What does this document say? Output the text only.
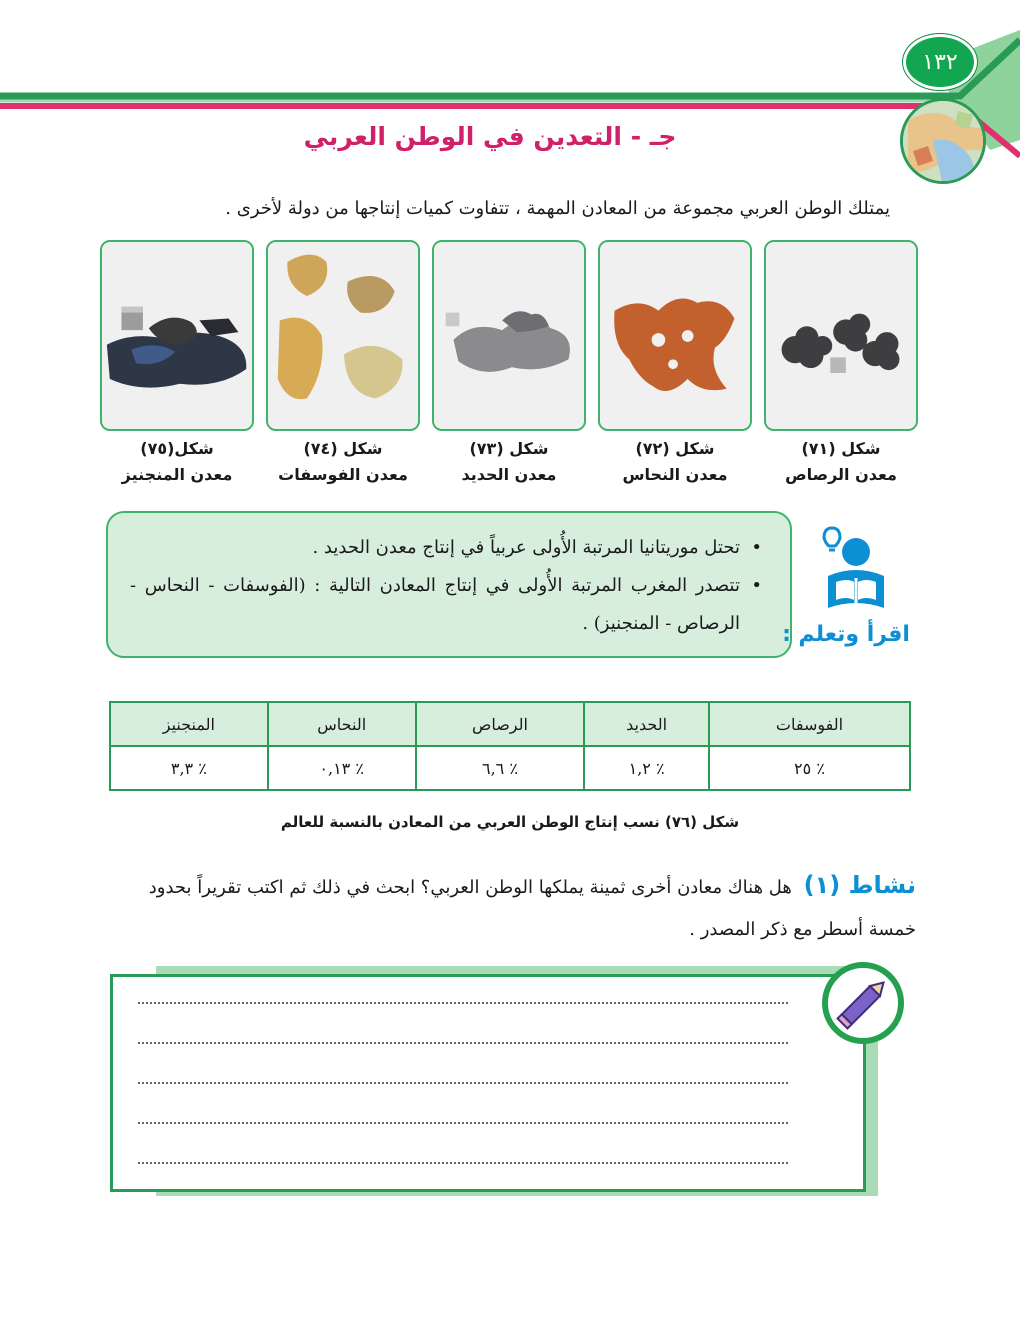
١٣٢
جـ - التعدين في الوطن العربي
يمتلك الوطن العربي مجموعة من المعادن المهمة ، تتفاوت كميات إنتاجها من دولة لأخرى .
شكل (٧١)
معدن الرصاص
شكل (٧٢)
معدن النحاس
شكل (٧٣)
معدن الحديد
شكل (٧٤)
معدن الفوسفات
شكل(٧٥)
معدن المنجنيز
• تحتل موريتانيا المرتبة الأُولى عربياً في إنتاج معدن الحديد .
• تتصدر المغرب المرتبة الأُولى في إنتاج المعادن التالية : (الفوسفات - النحاس - الرصاص - المنجنيز) .	اقرأ وتعلم :
الفوسفات	الحديد	الرصاص	النحاس	المنجنيز
٪ ٢٥	٪ ١,٢	٪ ٦,٦	٪ ٠,١٣	٪ ٣,٣
شكل (٧٦) نسب إنتاج الوطن العربي من المعادن بالنسبة للعالم
نشاط (١) هل هناك معادن أخرى ثمينة يملكها الوطن العربي؟ ابحث في ذلك ثم اكتب تقريراً بحدود خمسة أسطر مع ذكر المصدر .
